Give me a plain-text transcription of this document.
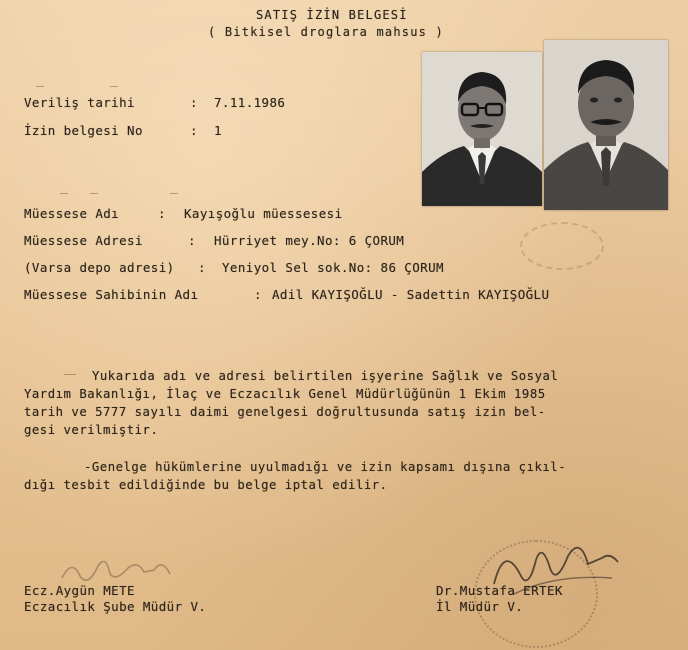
SATIŞ İZİN BELGESİ
( Bitkisel droglara mahsus )
Veriliş tarihi	: 7.11.1986
İzin belgesi No	: 1
Müessese Adı	: Kayışoğlu müessesesi
Müessese Adresi	: Hürriyet mey.No: 6 ÇORUM
(Varsa depo adresi) : Yeniyol Sel sok.No: 86 ÇORUM
Müessese Sahibinin Adı	: Adil KAYIŞOĞLU - Sadettin KAYIŞOĞLU
Yukarıda adı ve adresi belirtilen işyerine Sağlık ve Sosyal
Yardım Bakanlığı, İlaç ve Eczacılık Genel Müdürlüğünün 1 Ekim 1985
tarih ve 5777 sayılı daimi genelgesi doğrultusunda satış izin bel-
gesi verilmiştir.
-Genelge hükümlerine uyulmadığı ve izin kapsamı dışına çıkıl-
dığı tesbit edildiğinde bu belge iptal edilir.
Ecz.Aygün METE
Eczacılık Şube Müdür V.
Dr.Mustafa ERTEK
İl Müdür V.
